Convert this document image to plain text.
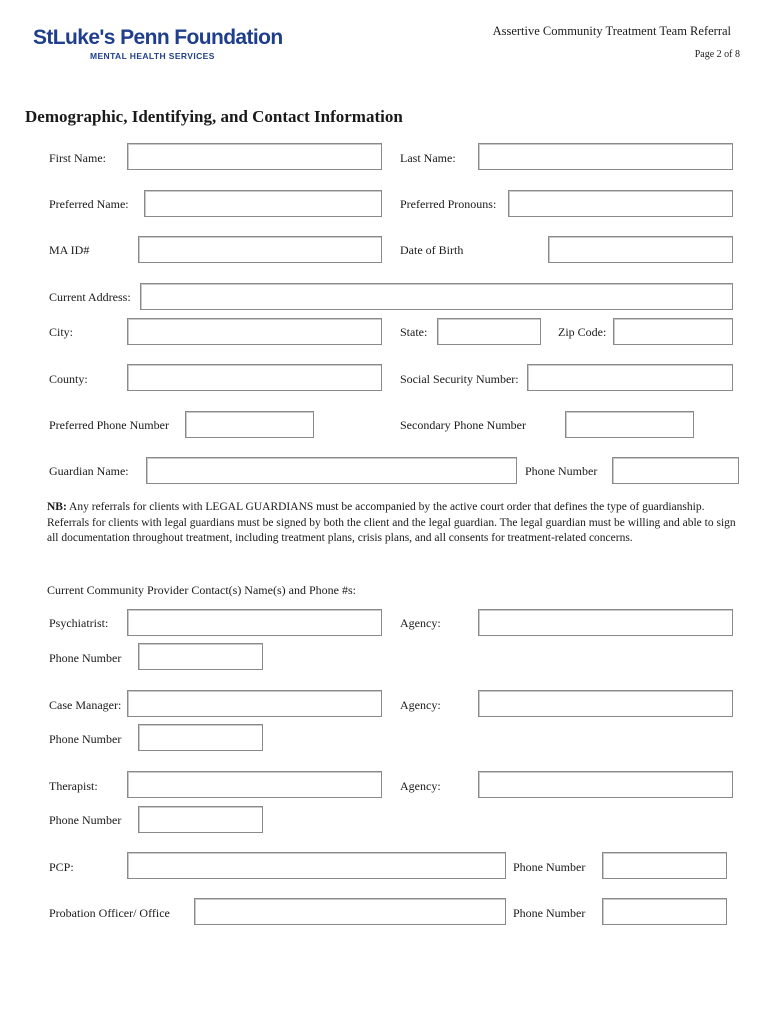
StLuke's Penn Foundation
MENTAL HEALTH SERVICES
Assertive Community Treatment Team Referral
Page 2 of 8
Demographic, Identifying, and Contact Information
First Name:	Last Name:
Preferred Name:	Preferred Pronouns:
MA ID#	Date of Birth
Current Address:
City:	State:	Zip Code:
County:	Social Security Number:
Preferred Phone Number	Secondary Phone Number
Guardian Name:	Phone Number
NB: Any referrals for clients with LEGAL GUARDIANS must be accompanied by the active court order that defines the type of guardianship. Referrals for clients with legal guardians must be signed by both the client and the legal guardian. The legal guardian must be willing and able to sign all documentation throughout treatment, including treatment plans, crisis plans, and all consents for treatment-related concerns.
Current Community Provider Contact(s) Name(s) and Phone #s:
Psychiatrist:	Agency:
Phone Number
Case Manager:	Agency:
Phone Number
Therapist:	Agency:
Phone Number
PCP:	Phone Number
Probation Officer/ Office	Phone Number
